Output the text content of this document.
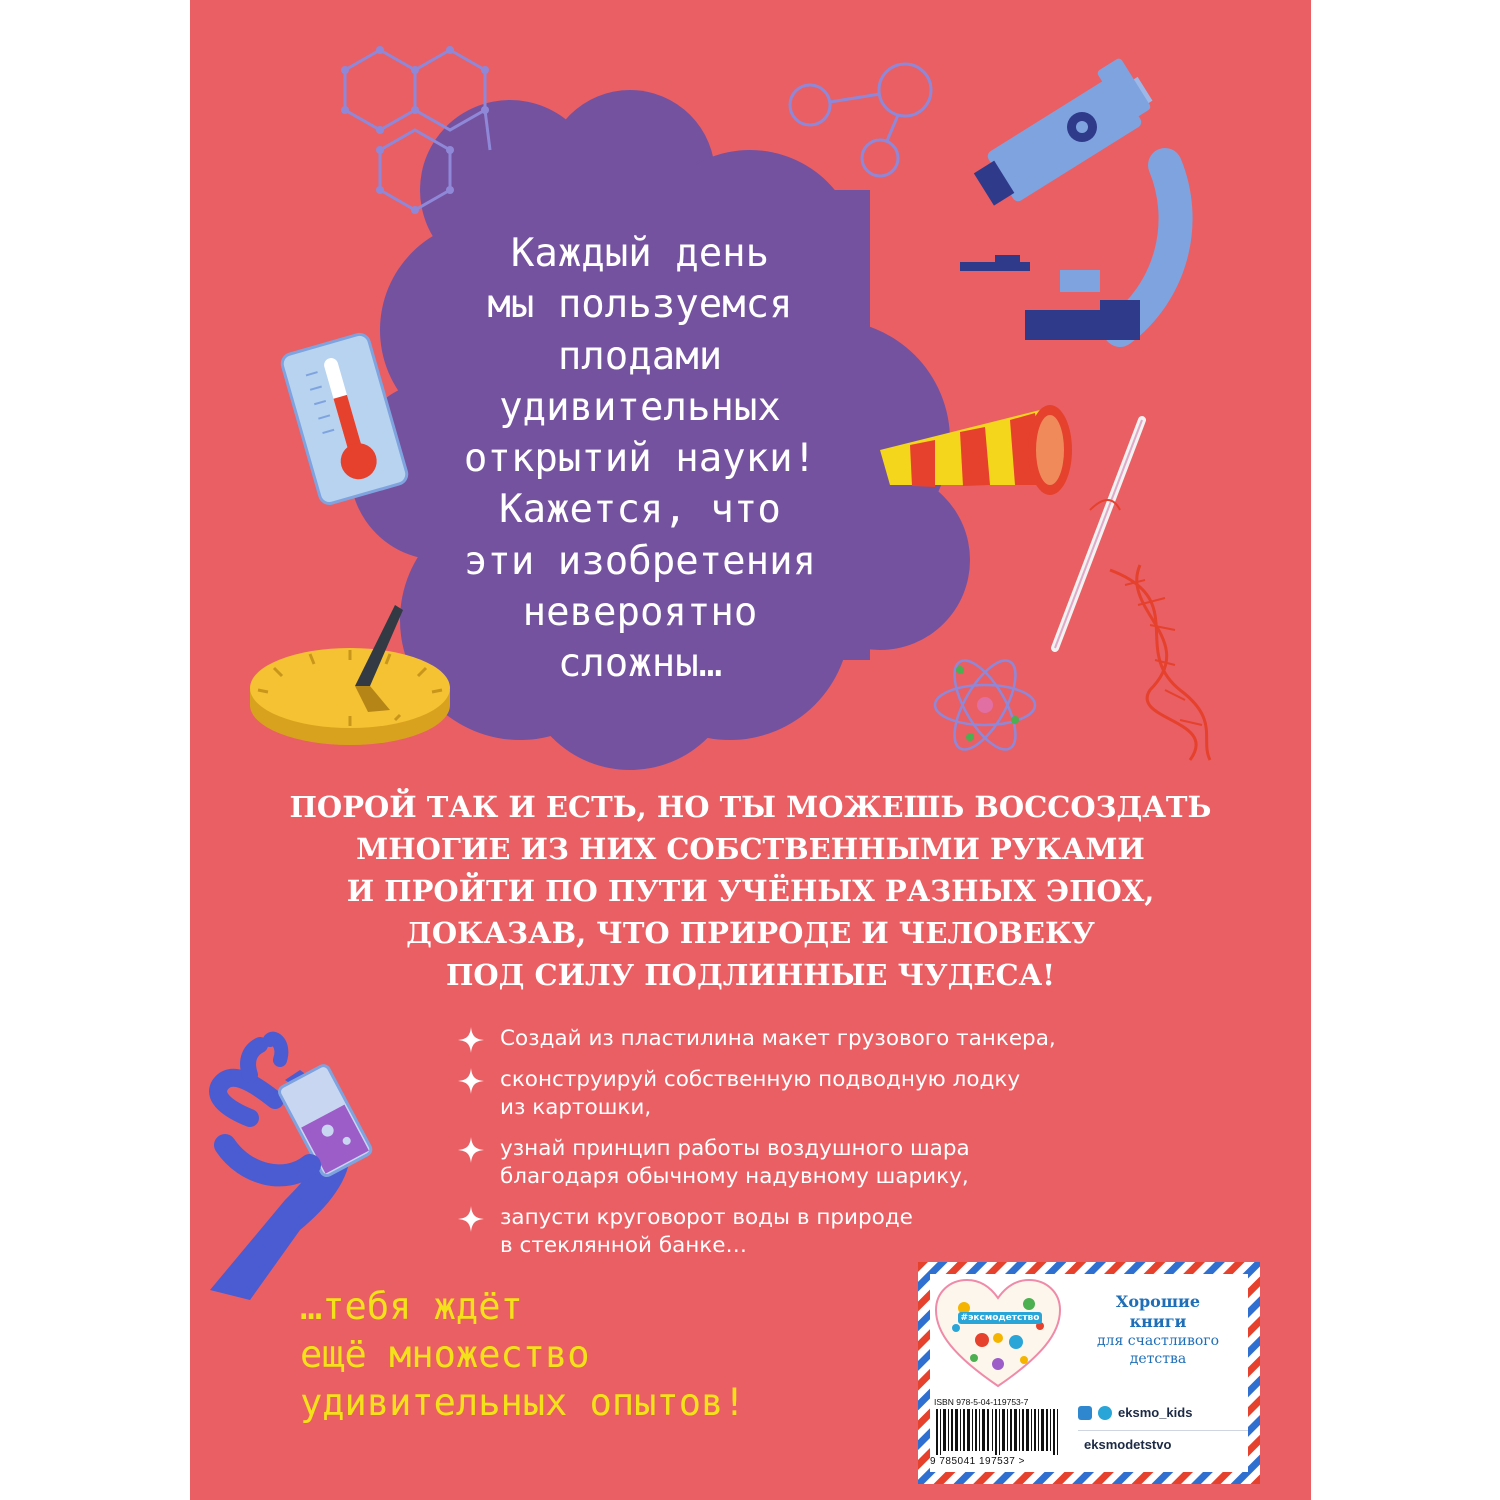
Каждый день
мы пользуемся
плодами
удивительных
открытий науки!
Кажется, что
эти изобретения
невероятно
сложны…
ПОРОЙ ТАК И ЕСТЬ, НО ТЫ МОЖЕШЬ ВОССОЗДАТЬ
МНОГИЕ ИЗ НИХ СОБСТВЕННЫМИ РУКАМИ
И ПРОЙТИ ПО ПУТИ УЧЁНЫХ РАЗНЫХ ЭПОХ,
ДОКАЗАВ, ЧТО ПРИРОДЕ И ЧЕЛОВЕКУ
ПОД СИЛУ ПОДЛИННЫЕ ЧУДЕСА!
Создай из пластилина макет грузового танкера,
сконструируй собственную подводную лодку
из картошки,
узнай принцип работы воздушного шара
благодаря обычному надувному шарику,
запусти круговорот воды в природе
в стеклянной банке…
…тебя ждёт
ещё множество
удивительных опытов!
#эксмодетство
Хорошие
книги
для счастливого
детства
ISBN 978-5-04-119753-7
9 785041 197537 >
eksmo_kids
eksmodetstvo
